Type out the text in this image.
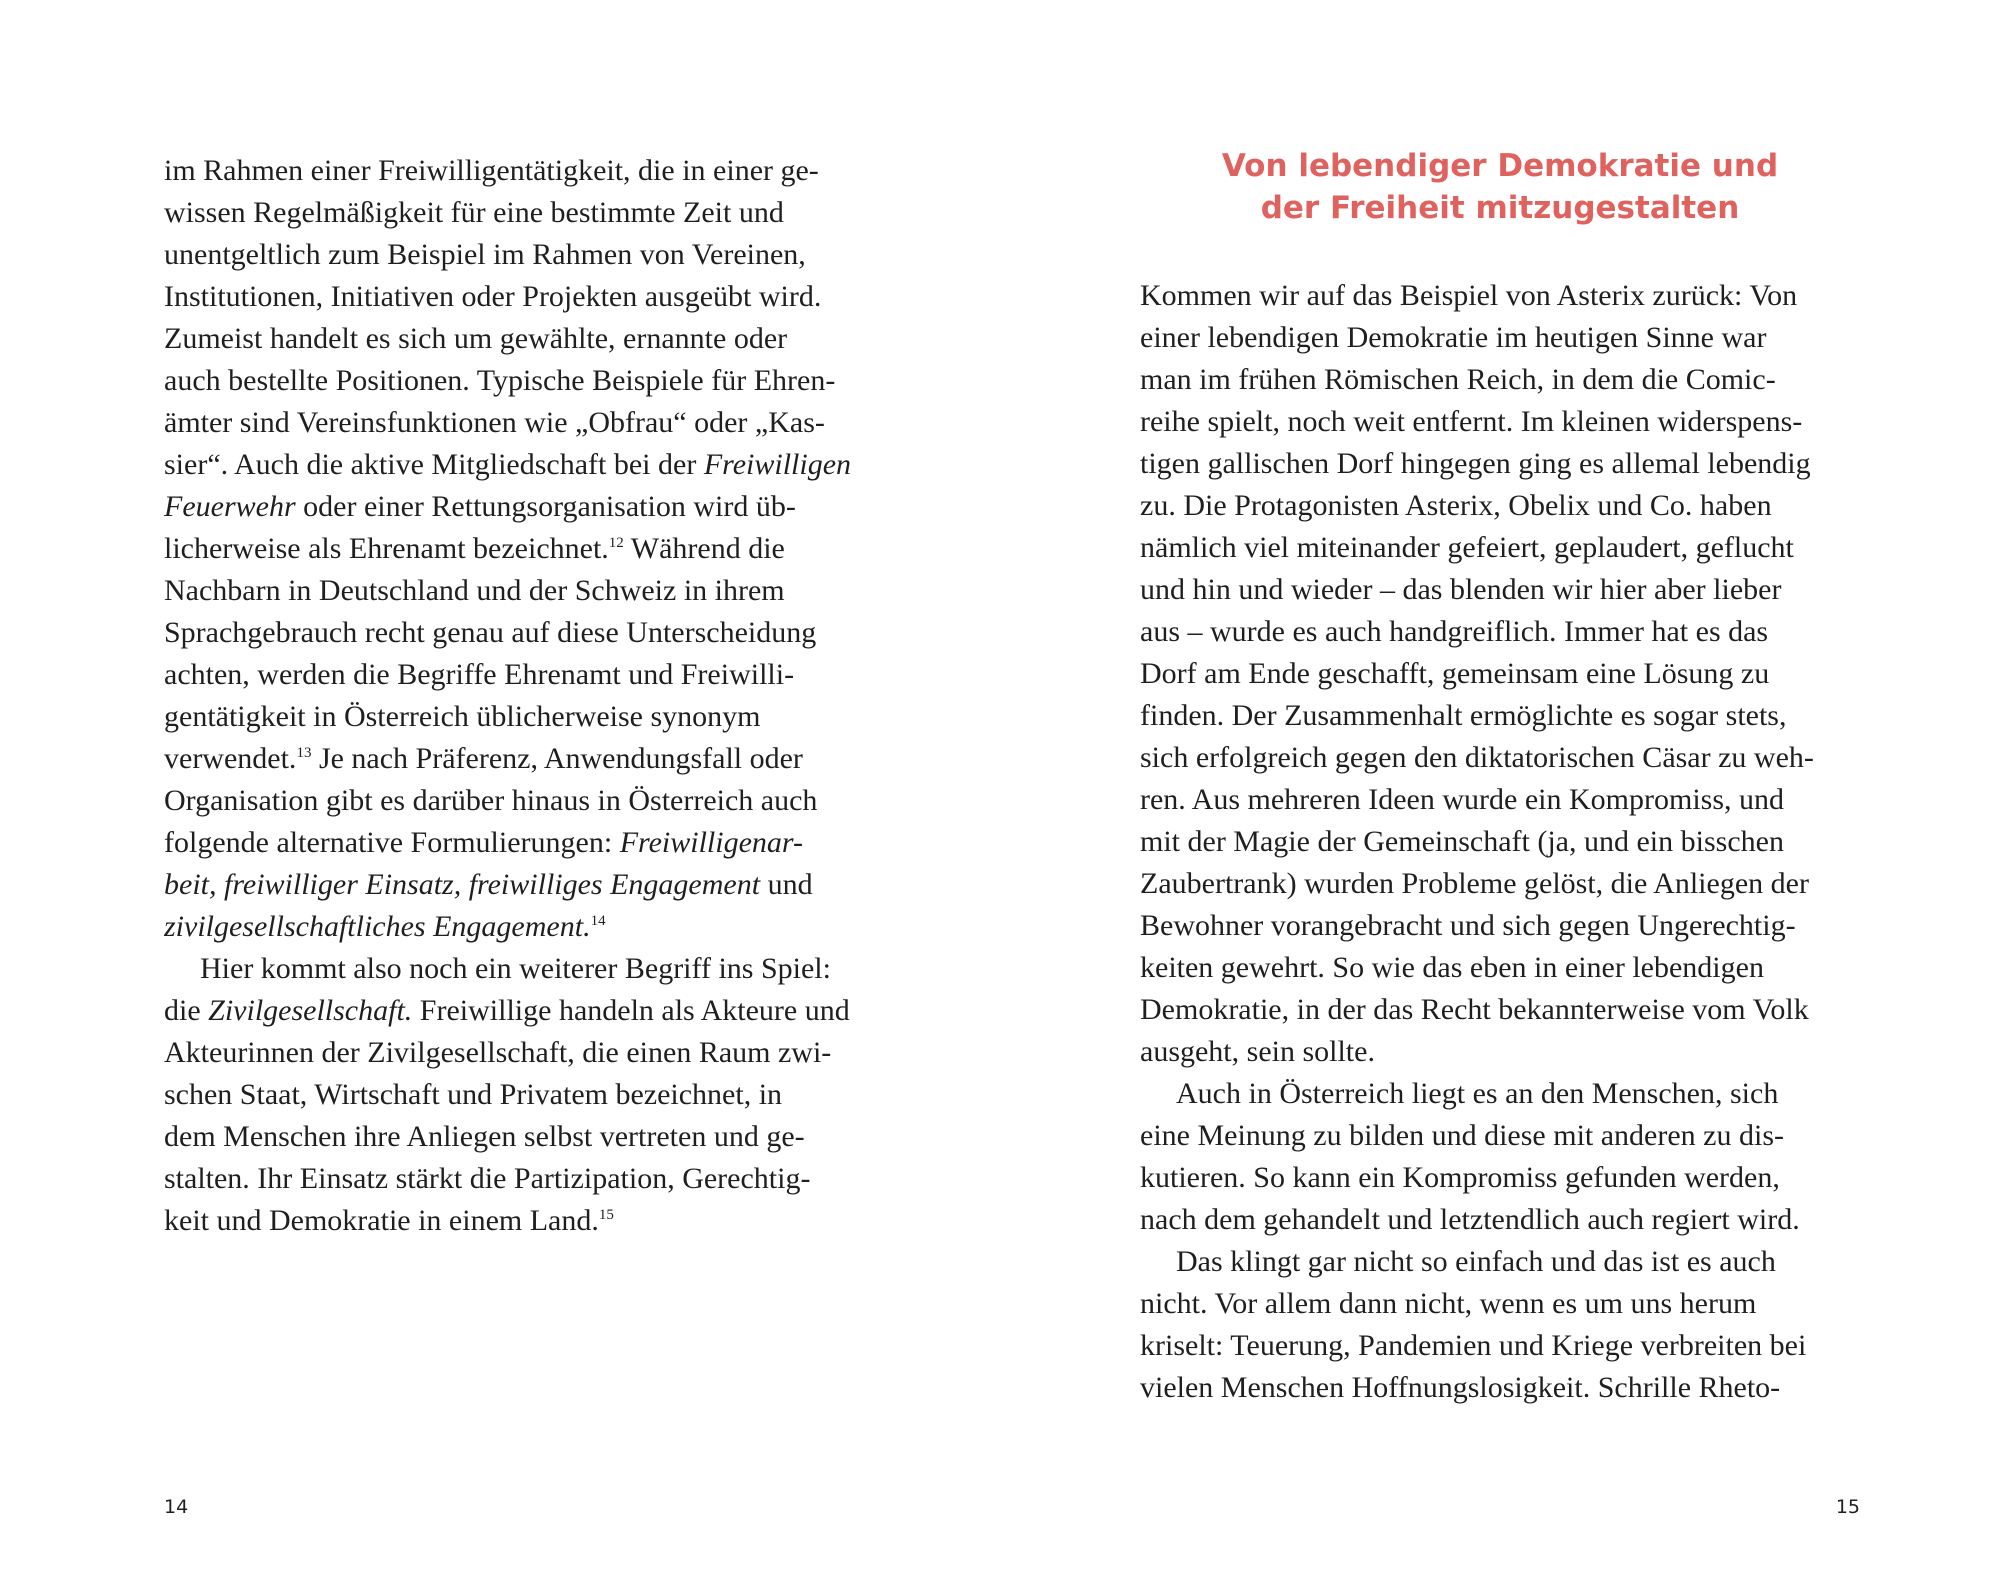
im Rahmen einer Freiwilligentätigkeit, die in einer ge-
wissen Regelmäßigkeit für eine bestimmte Zeit und
unentgeltlich zum Beispiel im Rahmen von Vereinen,
Institutionen, Initiativen oder Projekten ausgeübt wird.
Zumeist handelt es sich um gewählte, ernannte oder
auch bestellte Positionen. Typische Beispiele für Ehren-
ämter sind Vereinsfunktionen wie „Obfrau“ oder „Kas-
sier“. Auch die aktive Mitgliedschaft bei der Freiwilligen
Feuerwehr oder einer Rettungsorganisation wird üb-
licherweise als Ehrenamt bezeichnet.$^{12}$ Während die
Nachbarn in Deutschland und der Schweiz in ihrem
Sprachgebrauch recht genau auf diese Unterscheidung
achten, werden die Begriffe Ehrenamt und Freiwilli-
gentätigkeit in Österreich üblicherweise synonym
verwendet.$^{13}$ Je nach Präferenz, Anwendungsfall oder
Organisation gibt es darüber hinaus in Österreich auch
folgende alternative Formulierungen: Freiwilligenar-
beit, freiwilliger Einsatz, freiwilliges Engagement und
zivilgesellschaftliches Engagement.$^{14}$
Hier kommt also noch ein weiterer Begriff ins Spiel:
die Zivilgesellschaft. Freiwillige handeln als Akteure und
Akteurinnen der Zivilgesellschaft, die einen Raum zwi-
schen Staat, Wirtschaft und Privatem bezeichnet, in
dem Menschen ihre Anliegen selbst vertreten und ge-
stalten. Ihr Einsatz stärkt die Partizipation, Gerechtig-
keit und Demokratie in einem Land.$^{15}$
14
Von lebendiger Demokratie und
der Freiheit mitzugestalten
Kommen wir auf das Beispiel von Asterix zurück: Von
einer lebendigen Demokratie im heutigen Sinne war
man im frühen Römischen Reich, in dem die Comic-
reihe spielt, noch weit entfernt. Im kleinen widerspens-
tigen gallischen Dorf hingegen ging es allemal lebendig
zu. Die Protagonisten Asterix, Obelix und Co. haben
nämlich viel miteinander gefeiert, geplaudert, geflucht
und hin und wieder – das blenden wir hier aber lieber
aus – wurde es auch handgreiflich. Immer hat es das
Dorf am Ende geschafft, gemeinsam eine Lösung zu
finden. Der Zusammenhalt ermöglichte es sogar stets,
sich erfolgreich gegen den diktatorischen Cäsar zu weh-
ren. Aus mehreren Ideen wurde ein Kompromiss, und
mit der Magie der Gemeinschaft (ja, und ein bisschen
Zaubertrank) wurden Probleme gelöst, die Anliegen der
Bewohner vorangebracht und sich gegen Ungerechtig-
keiten gewehrt. So wie das eben in einer lebendigen
Demokratie, in der das Recht bekannterweise vom Volk
ausgeht, sein sollte.
Auch in Österreich liegt es an den Menschen, sich
eine Meinung zu bilden und diese mit anderen zu dis-
kutieren. So kann ein Kompromiss gefunden werden,
nach dem gehandelt und letztendlich auch regiert wird.
Das klingt gar nicht so einfach und das ist es auch
nicht. Vor allem dann nicht, wenn es um uns herum
kriselt: Teuerung, Pandemien und Kriege verbreiten bei
vielen Menschen Hoffnungslosigkeit. Schrille Rheto-
15
